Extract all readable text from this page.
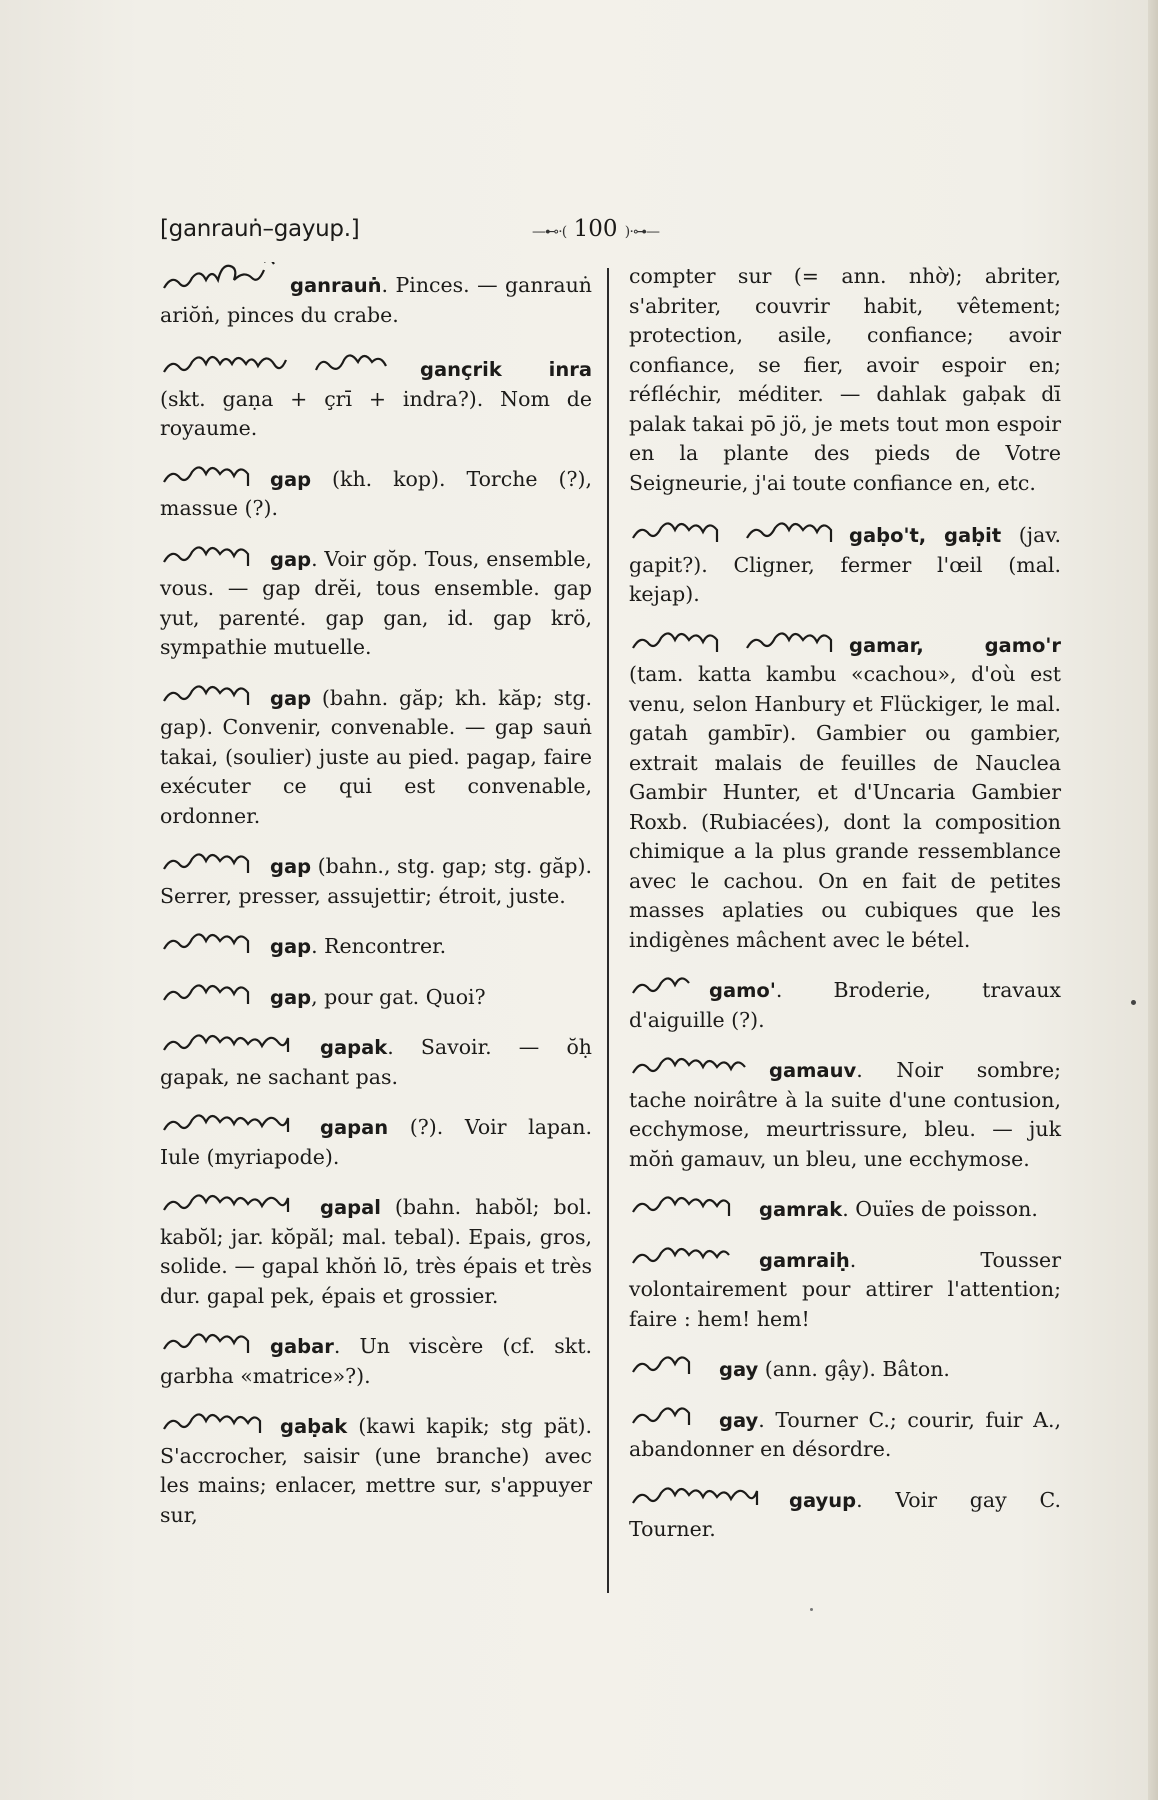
[ganrauṅ–gayup.]	—⊷⋅( 100 )⋅⊶—

ganrauṅ. Pinces. — ganrauṅ ariŏṅ, pinces du crabe.

gançrik inra (skt. gaṇa + çrī + indra?). Nom de royaume.

gap (kh. kop). Torche (?), massue (?).

gap. Voir gŏp. Tous, ensemble, vous. — gap drĕi, tous ensemble. gap yut, parenté. gap gan, id. gap krö, sympathie mutuelle.

gap (bahn. găp; kh. kăp; stg. gap). Convenir, convenable. — gap sauṅ takai, (soulier) juste au pied. pagap, faire exécuter ce qui est convenable, ordonner.

gap (bahn., stg. gap; stg. găp). Serrer, presser, assujettir; étroit, juste.

gap. Rencontrer.

gap, pour gat. Quoi?

gapak. Savoir. — ŏḥ gapak, ne sachant pas.

gapan (?). Voir lapan. Iule (myriapode).

gapal (bahn. habŏl; bol. kabŏl; jar. kŏpăl; mal. tebal). Epais, gros, solide. — gapal khŏṅ lō, très épais et très dur. gapal pek, épais et grossier.

gabar. Un viscère (cf. skt. garbha «matrice»?).

gaḅak (kawi kapik; stg pät). S'accrocher, saisir (une branche) avec les mains; enlacer, mettre sur, s'appuyer sur,

compter sur (= ann. nhờ); abriter, s'abriter, couvrir habit, vêtement; protection, asile, confiance; avoir confiance, se fier, avoir espoir en; réfléchir, méditer. — dahlak gaḅak dī palak takai pō jö, je mets tout mon espoir en la plante des pieds de Votre Seigneurie, j'ai toute confiance en, etc.

gaḅo't, gaḅit (jav. gapit?). Cligner, fermer l'œil (mal. kejap).

gamar, gamo'r (tam. katta kambu «cachou», d'où est venu, selon Hanbury et Flückiger, le mal. gatah gambīr). Gambier ou gambier, extrait malais de feuilles de Nauclea Gambir Hunter, et d'Uncaria Gambier Roxb. (Rubiacées), dont la composition chimique a la plus grande ressemblance avec le cachou. On en fait de petites masses aplaties ou cubiques que les indigènes mâchent avec le bétel.

gamo'. Broderie, travaux d'aiguille (?).

gamauv. Noir sombre; tache noirâtre à la suite d'une contusion, ecchymose, meurtrissure, bleu. — juk mŏṅ gamauv, un bleu, une ecchymose.

gamrak. Ouïes de poisson.

gamraiḥ. Tousser volontairement pour attirer l'attention; faire : hem! hem!

gay (ann. gậy). Bâton.

gay. Tourner C.; courir, fuir A., abandonner en désordre.

gayup. Voir gay C. Tourner.
